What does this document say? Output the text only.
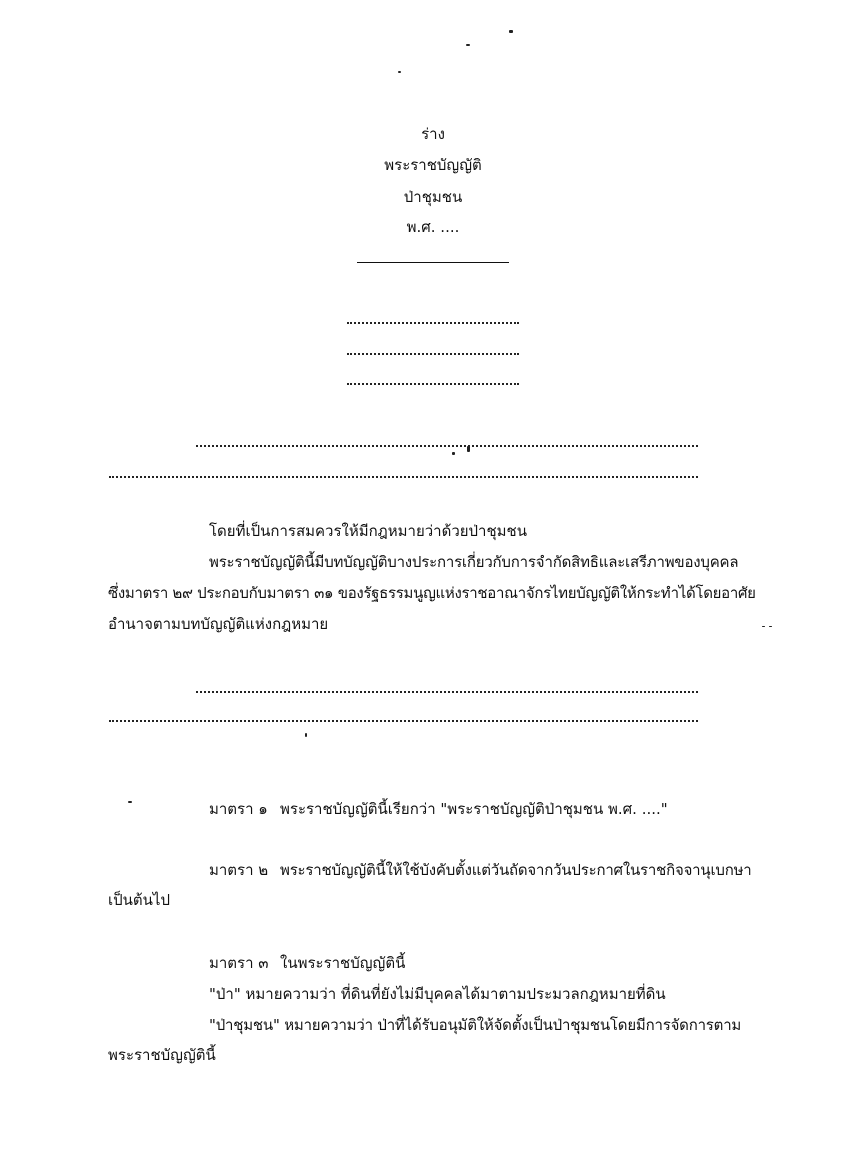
ร่าง
พระราชบัญญัติ
ป่าชุมชน
พ.ศ. ....
โดยที่เป็นการสมควรให้มีกฎหมายว่าด้วยป่าชุมชน
พระราชบัญญัตินี้มีบทบัญญัติบางประการเกี่ยวกับการจำกัดสิทธิและเสรีภาพของบุคคล
ซึ่งมาตรา ๒๙ ประกอบกับมาตรา ๓๑ ของรัฐธรรมนูญแห่งราชอาณาจักรไทยบัญญัติให้กระทำได้โดยอาศัย
อำนาจตามบทบัญญัติแห่งกฎหมาย
มาตรา ๑ พระราชบัญญัตินี้เรียกว่า "พระราชบัญญัติป่าชุมชน พ.ศ. ...."
มาตรา ๒ พระราชบัญญัตินี้ให้ใช้บังคับตั้งแต่วันถัดจากวันประกาศในราชกิจจานุเบกษา
เป็นต้นไป
มาตรา ๓ ในพระราชบัญญัตินี้
"ป่า" หมายความว่า ที่ดินที่ยังไม่มีบุคคลได้มาตามประมวลกฎหมายที่ดิน
"ป่าชุมชน" หมายความว่า ป่าที่ได้รับอนุมัติให้จัดตั้งเป็นป่าชุมชนโดยมีการจัดการตาม
พระราชบัญญัตินี้
